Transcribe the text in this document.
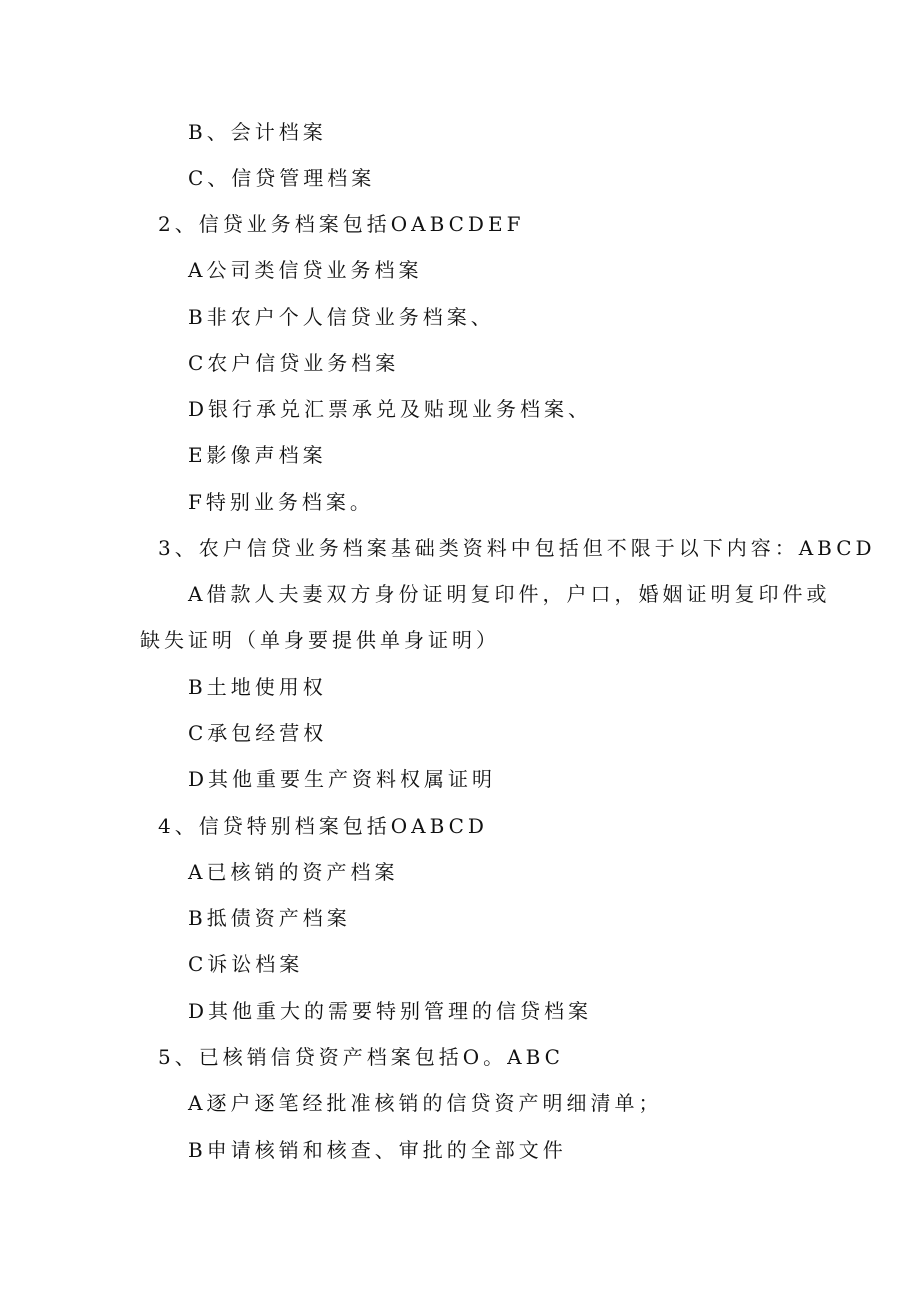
B、会计档案
C、信贷管理档案
2、信贷业务档案包括OABCDEF
A公司类信贷业务档案
B非农户个人信贷业务档案、
C农户信贷业务档案
D银行承兑汇票承兑及贴现业务档案、
E影像声档案
F特别业务档案。
3、农户信贷业务档案基础类资料中包括但不限于以下内容：ABCD
A借款人夫妻双方身份证明复印件，户口，婚姻证明复印件或
缺失证明（单身要提供单身证明）
B土地使用权
C承包经营权
D其他重要生产资料权属证明
4、信贷特别档案包括OABCD
A已核销的资产档案
B抵债资产档案
C诉讼档案
D其他重大的需要特别管理的信贷档案
5、已核销信贷资产档案包括O。ABC
A逐户逐笔经批准核销的信贷资产明细清单；
B申请核销和核查、审批的全部文件
